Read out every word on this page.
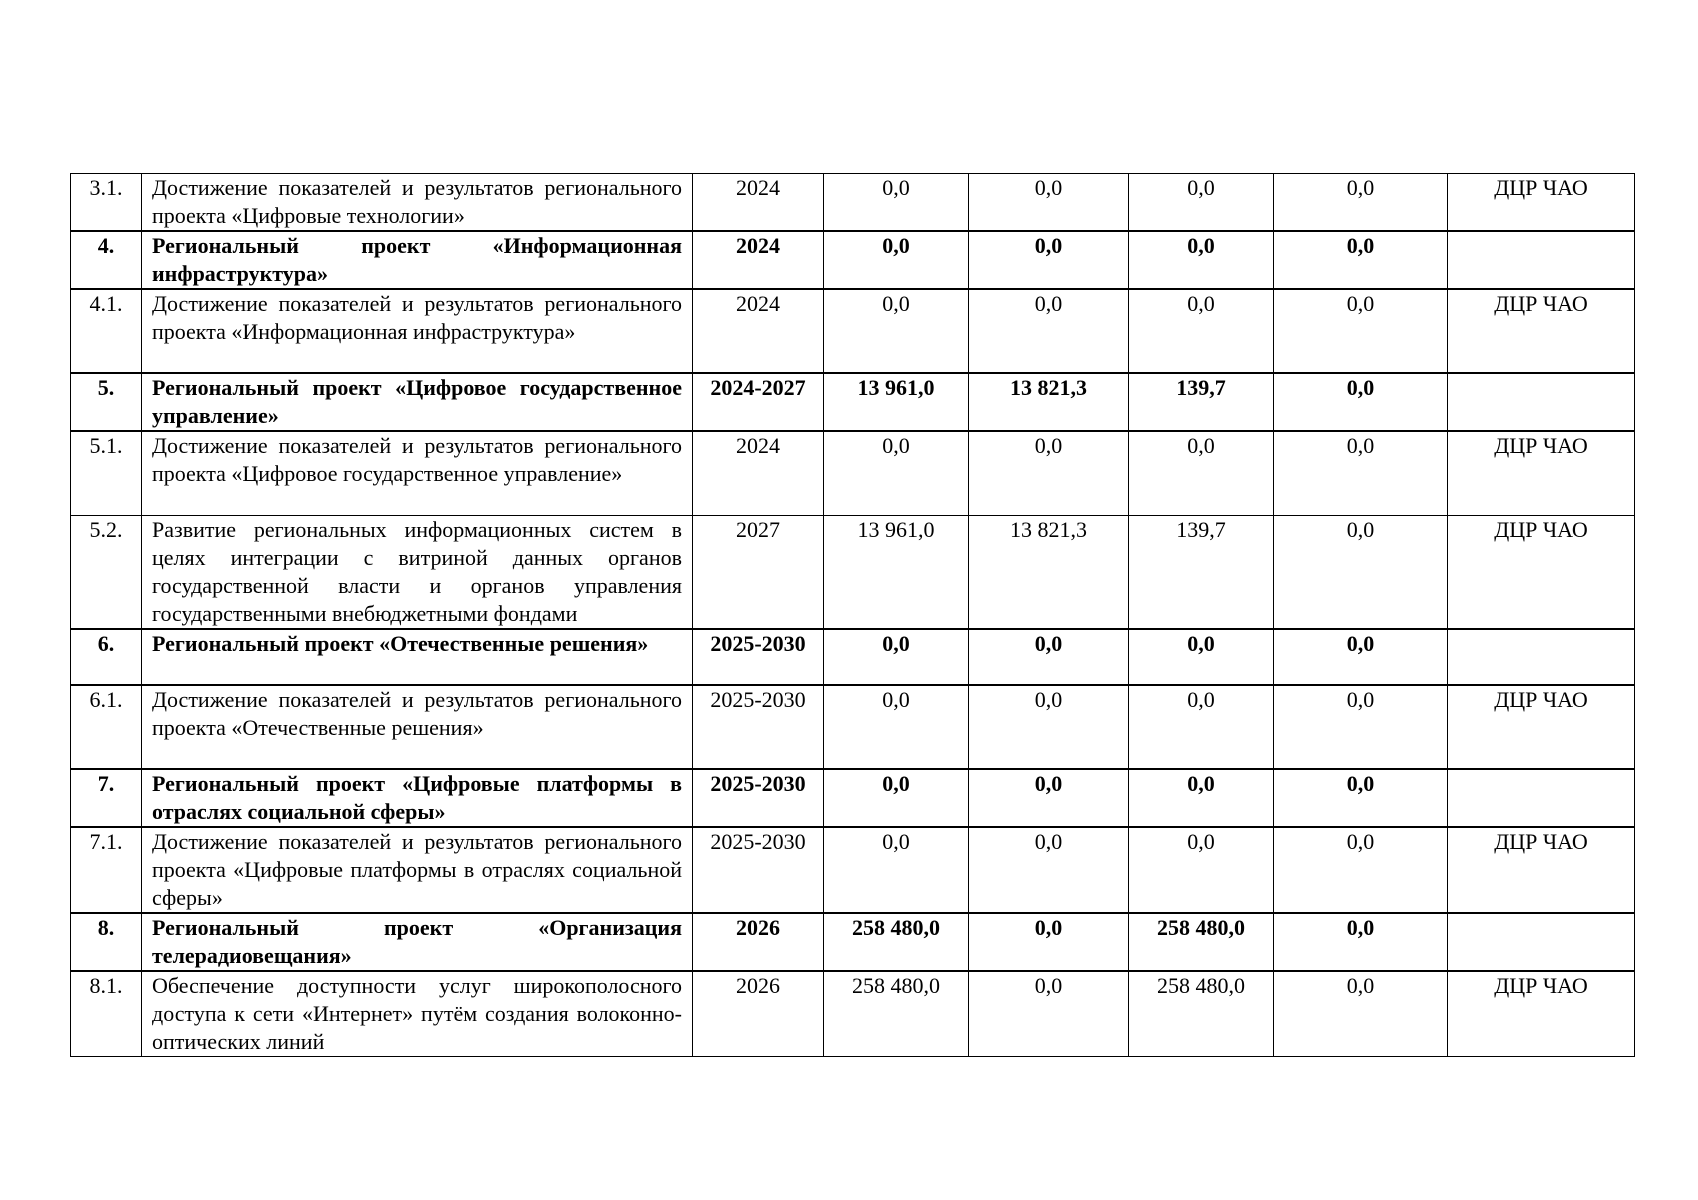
3.1.	Достижение показателей и результатов регионального проекта «Цифровые технологии»	2024	0,0	0,0	0,0	0,0	ДЦР ЧАО
4.	Региональный проект «Информационная инфраструктура»	2024	0,0	0,0	0,0	0,0	
4.1.	Достижение показателей и результатов регионального проекта «Информационная инфраструктура»	2024	0,0	0,0	0,0	0,0	ДЦР ЧАО
5.	Региональный проект «Цифровое государственное управление»	2024-2027	13 961,0	13 821,3	139,7	0,0	
5.1.	Достижение показателей и результатов регионального проекта «Цифровое государственное управление»	2024	0,0	0,0	0,0	0,0	ДЦР ЧАО
5.2.	Развитие региональных информационных систем в целях интеграции с витриной данных органов государственной власти и органов управления государственными внебюджетными фондами	2027	13 961,0	13 821,3	139,7	0,0	ДЦР ЧАО
6.	Региональный проект «Отечественные решения»	2025-2030	0,0	0,0	0,0	0,0	
6.1.	Достижение показателей и результатов регионального проекта «Отечественные решения»	2025-2030	0,0	0,0	0,0	0,0	ДЦР ЧАО
7.	Региональный проект «Цифровые платформы в отраслях социальной сферы»	2025-2030	0,0	0,0	0,0	0,0	
7.1.	Достижение показателей и результатов регионального проекта «Цифровые платформы в отраслях социальной сферы»	2025-2030	0,0	0,0	0,0	0,0	ДЦР ЧАО
8.	Региональный проект «Организация телерадиовещания»	2026	258 480,0	0,0	258 480,0	0,0	
8.1.	Обеспечение доступности услуг широкополосного доступа к сети «Интернет» путём создания волоконно-оптических линий	2026	258 480,0	0,0	258 480,0	0,0	ДЦР ЧАО
